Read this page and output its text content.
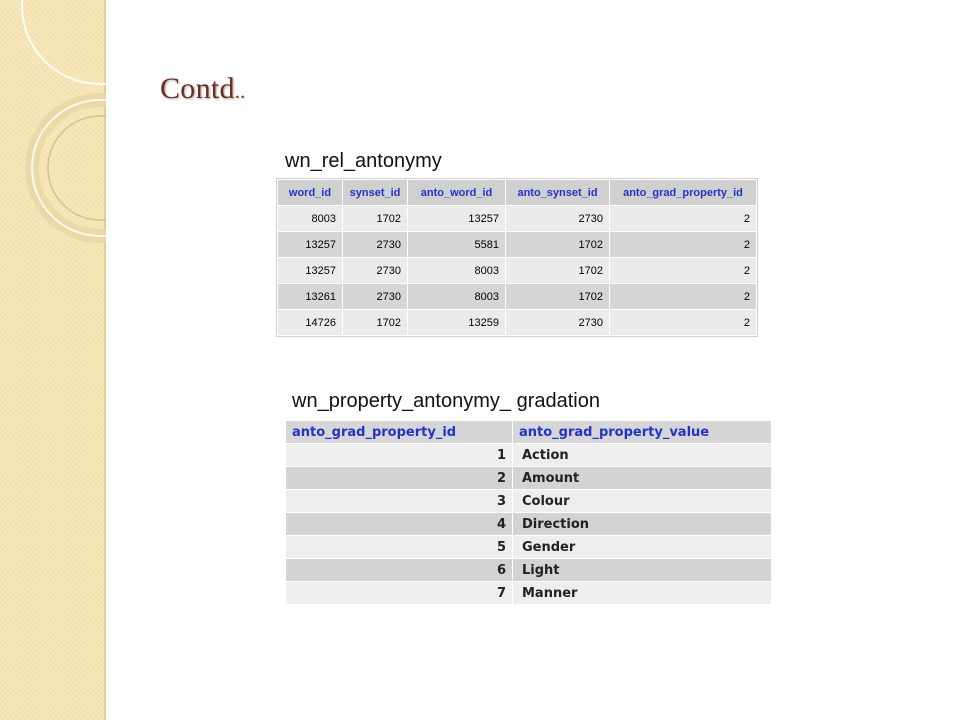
Contd..
wn_rel_antonymy
word_id	synset_id	anto_word_id	anto_synset_id	anto_grad_property_id
8003	1702	13257	2730	2
13257	2730	5581	1702	2
13257	2730	8003	1702	2
13261	2730	8003	1702	2
14726	1702	13259	2730	2
wn_property_antonymy_ gradation
anto_grad_property_id	anto_grad_property_value
1	Action
2	Amount
3	Colour
4	Direction
5	Gender
6	Light
7	Manner
